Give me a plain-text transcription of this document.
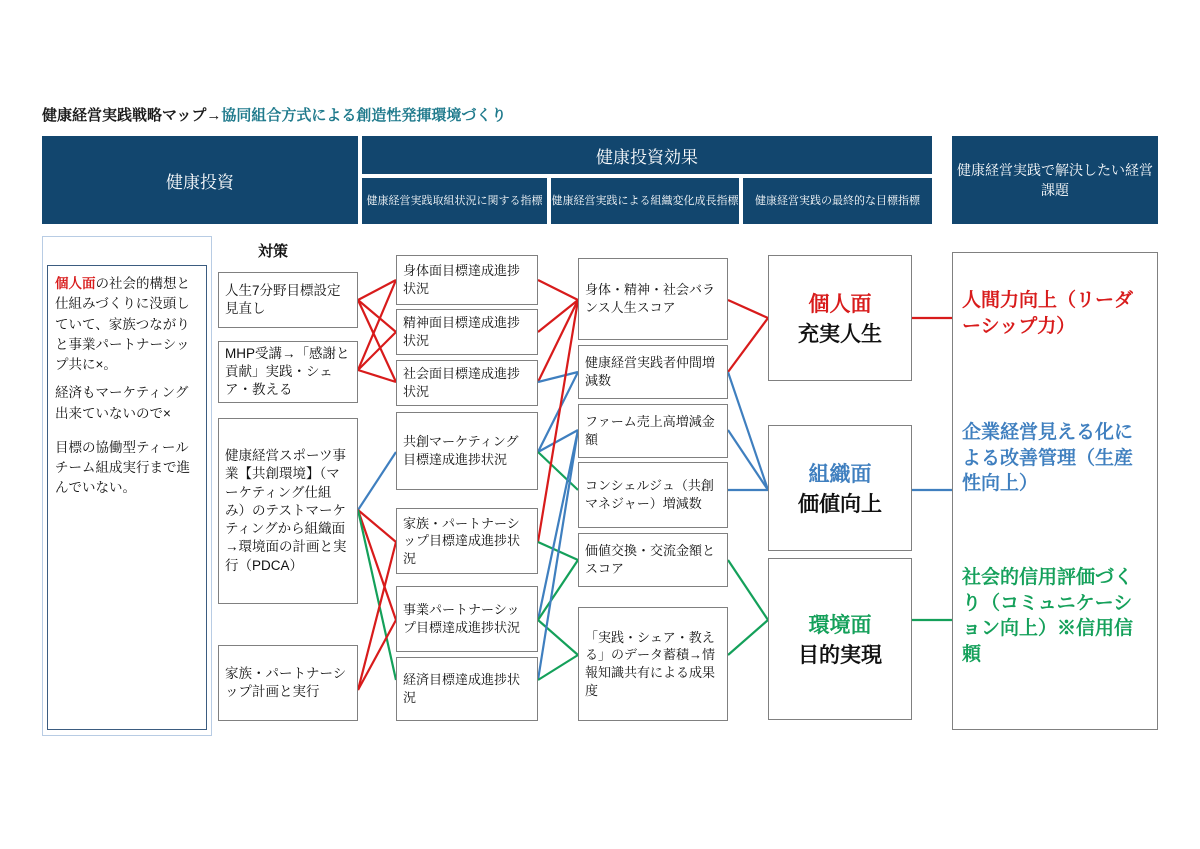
健康経営実践戦略マップ→協同組合方式による創造性発揮環境づくり
健康投資
健康投資効果
健康経営実践取組状況に関する指標 健康経営実践による組織変化成長指標	健康経営実践の最終的な目標指標
健康経営実践で解決したい経営課題
対策
個人面の社会的構想と仕組みづくりに没頭していて、家族つながりと事業パートナーシップ共に×。
経済もマーケティング出来ていないので×
目標の協働型ティールチーム組成実行まで進んでいない。
人生7分野目標設定見直し
MHP受講→「感謝と貢献」実践・シェア・教える
健康経営スポーツ事業【共創環境】（マーケティング仕組み）のテストマーケティングから組織面→環境面の計画と実行（PDCA）
家族・パートナーシップ計画と実行
身体面目標達成進捗状況
精神面目標達成進捗状況
社会面目標達成進捗状況
共創マーケティング目標達成進捗状況
家族・パートナーシップ目標達成進捗状況
事業パートナーシップ目標達成進捗状況
経済目標達成進捗状況
身体・精神・社会バランス人生スコア
健康経営実践者仲間増減数
ファーム売上高増減金額
コンシェルジュ（共創マネジャー）増減数
価値交換・交流金額とスコア
「実践・シェア・教える」のデータ蓄積→情報知識共有による成果度
個人面
充実人生
組織面
価値向上
環境面
目的実現
人間力向上（リーダーシップ力）
企業経営見える化による改善管理（生産性向上）
社会的信用評価づくり（コミュニケーション向上）※信用信頼
